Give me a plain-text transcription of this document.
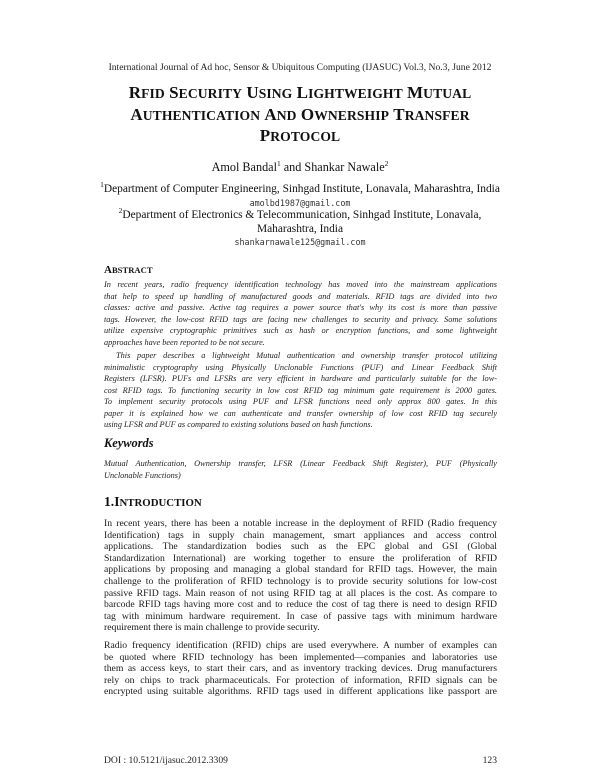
International Journal of Ad hoc, Sensor & Ubiquitous Computing (IJASUC) Vol.3, No.3, June 2012
RFID SECURITY USING LIGHTWEIGHT MUTUAL
AUTHENTICATION AND OWNERSHIP TRANSFER
PROTOCOL
Amol Bandal$^1$ and Shankar Nawale$^2$
$^1$Department of Computer Engineering, Sinhgad Institute, Lonavala, Maharashtra, India
amolbd1987@gmail.com
$^2$Department of Electronics & Telecommunication, Sinhgad Institute, Lonavala,
Maharashtra, India
shankarnawale125@gmail.com
ABSTRACT
In recent years, radio frequency identification technology has moved into the mainstream applications
that help to speed up handling of manufactured goods and materials. RFID tags are divided into two
classes: active and passive. Active tag requires a power source that's why its cost is more than passive
tags. However, the low-cost RFID tags are facing new challenges to security and privacy. Some solutions
utilize expensive cryptographic primitives such as hash or encryption functions, and some lightweight
approaches have been reported to be not secure.
This paper describes a lightweight Mutual authentication and ownership transfer protocol utilizing
minimalistic cryptography using Physically Unclonable Functions (PUF) and Linear Feedback Shift
Registers (LFSR). PUFs and LFSRs are very efficient in hardware and particularly suitable for the low-
cost RFID tags. To functioning security in low cost RFID tag minimum gate requirement is 2000 gates.
To implement security protocols using PUF and LFSR functions need only approx 800 gates. In this
paper it is explained how we can authenticate and transfer ownership of low cost RFID tag securely
using LFSR and PUF as compared to existing solutions based on hash functions.
Keywords
Mutual Authentication, Ownership transfer, LFSR (Linear Feedback Shift Register), PUF (Physically
Unclonable Functions)
1.INTRODUCTION
In recent years, there has been a notable increase in the deployment of RFID (Radio frequency
Identification) tags in supply chain management, smart appliances and access control
applications. The standardization bodies such as the EPC global and GSI (Global
Standardization International) are working together to ensure the proliferation of RFID
applications by proposing and managing a global standard for RFID tags. However, the main
challenge to the proliferation of RFID technology is to provide security solutions for low-cost
passive RFID tags. Main reason of not using RFID tag at all places is the cost. As compare to
barcode RFID tags having more cost and to reduce the cost of tag there is need to design RFID
tag with minimum hardware requirement. In case of passive tags with minimum hardware
requirement there is main challenge to provide security.
Radio frequency identification (RFID) chips are used everywhere. A number of examples can
be quoted where RFID technology has been implemented—companies and laboratories use
them as access keys, to start their cars, and as inventory tracking devices. Drug manufacturers
rely on chips to track pharmaceuticals. For protection of information, RFID signals can be
encrypted using suitable algorithms. RFID tags used in different applications like passport are
DOI : 10.5121/ijasuc.2012.3309	123
